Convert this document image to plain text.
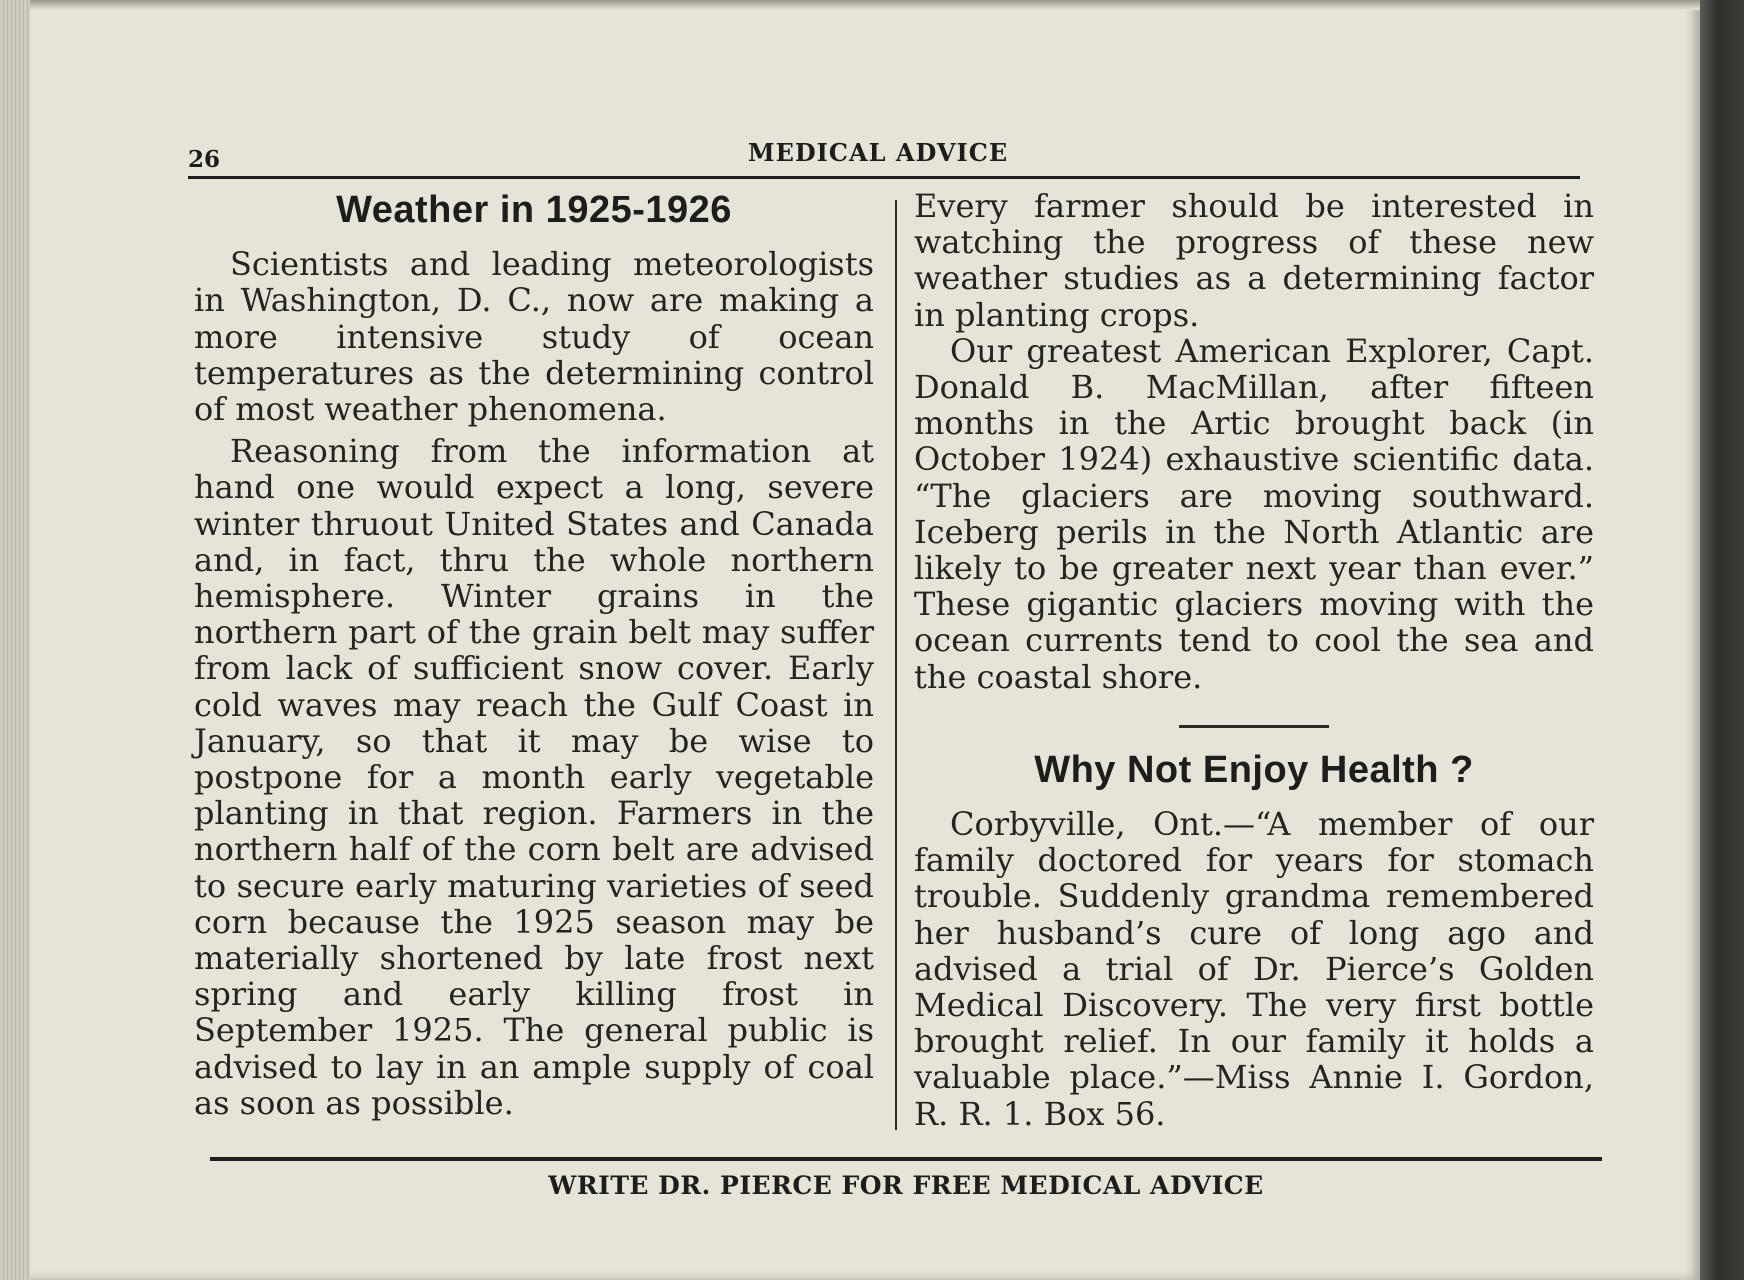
26	MEDICAL ADVICE
Weather in 1925-1926

Scientists and leading meteorologists in Washington, D. C., now are making a more intensive study of ocean temperatures as the determining control of most weather phenomena.

Reasoning from the information at hand one would expect a long, severe winter thruout United States and Canada and, in fact, thru the whole northern hemisphere. Winter grains in the northern part of the grain belt may suffer from lack of sufficient snow cover. Early cold waves may reach the Gulf Coast in January, so that it may be wise to postpone for a month early vegetable planting in that region. Farmers in the northern half of the corn belt are advised to secure early maturing varieties of seed corn because the 1925 season may be materially shortened by late frost next spring and early killing frost in September 1925. The general public is advised to lay in an ample supply of coal as soon as possible.

Every farmer should be interested in watching the progress of these new weather studies as a determining factor in planting crops.

Our greatest American Explorer, Capt. Donald B. MacMillan, after fifteen months in the Artic brought back (in October 1924) exhaustive scientific data. “The glaciers are moving southward. Iceberg perils in the North Atlantic are likely to be greater next year than ever.” These gigantic glaciers moving with the ocean currents tend to cool the sea and the coastal shore.

Why Not Enjoy Health ?

Corbyville, Ont.—“A member of our family doctored for years for stomach trouble. Suddenly grandma remembered her husband’s cure of long ago and advised a trial of Dr. Pierce’s Golden Medical Discovery. The very first bottle brought relief. In our family it holds a valuable place.”—Miss Annie I. Gordon, R. R. 1. Box 56.

WRITE DR. PIERCE FOR FREE MEDICAL ADVICE
